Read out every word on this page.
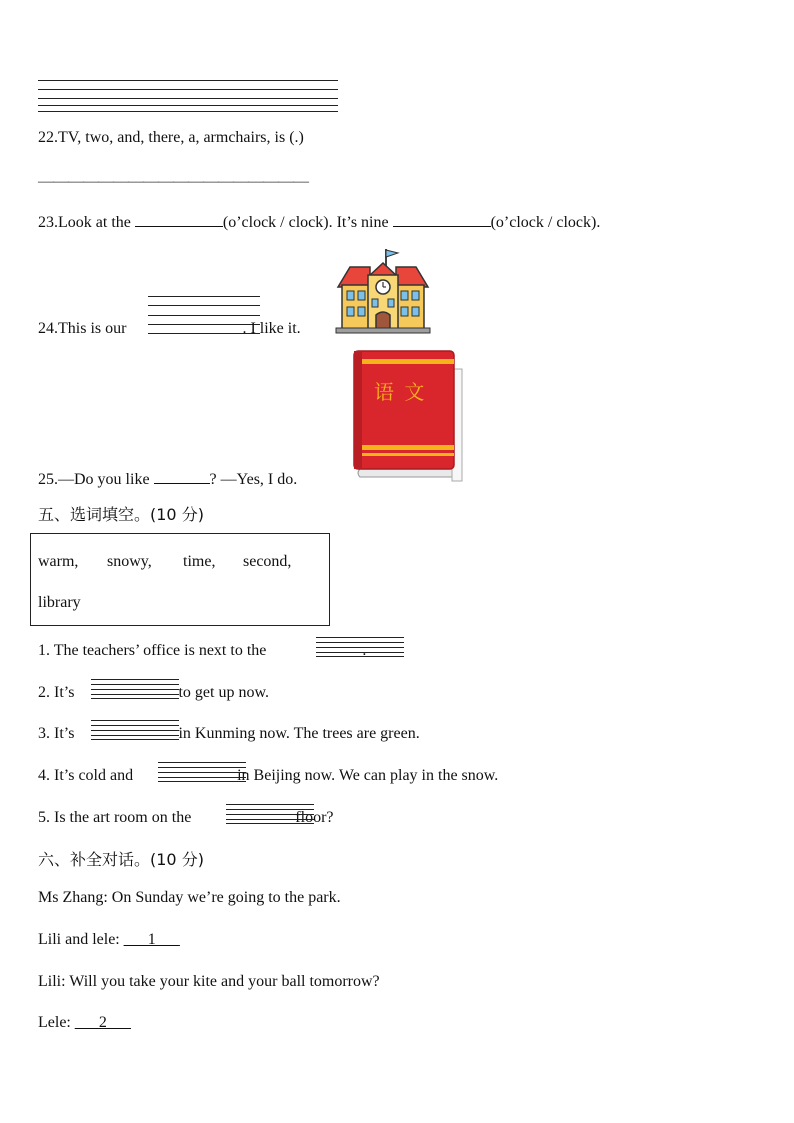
22.TV, two, and, there, a, armchairs, is (.)
——————————————————
23.Look at the	(o’clock / clock). It’s nine	(o’clock / clock).
24.This is our	. I like it.
25.—Do you like	? —Yes, I do.
语 文
五、选词填空。(10 分)
warm, snowy, time, second,
library
1. The teachers’ office is next to the	.
2. It’s	to get up now.
3. It’s	in Kunming now. The trees are green.
4. It’s cold and	in Beijing now. We can play in the snow.
5. Is the art room on the	floor?
六、补全对话。(10 分)
Ms Zhang: On Sunday we’re going to the park.
Lili and lele: ___1___
Lili: Will you take your kite and your ball tomorrow?
Lele: ___2___
